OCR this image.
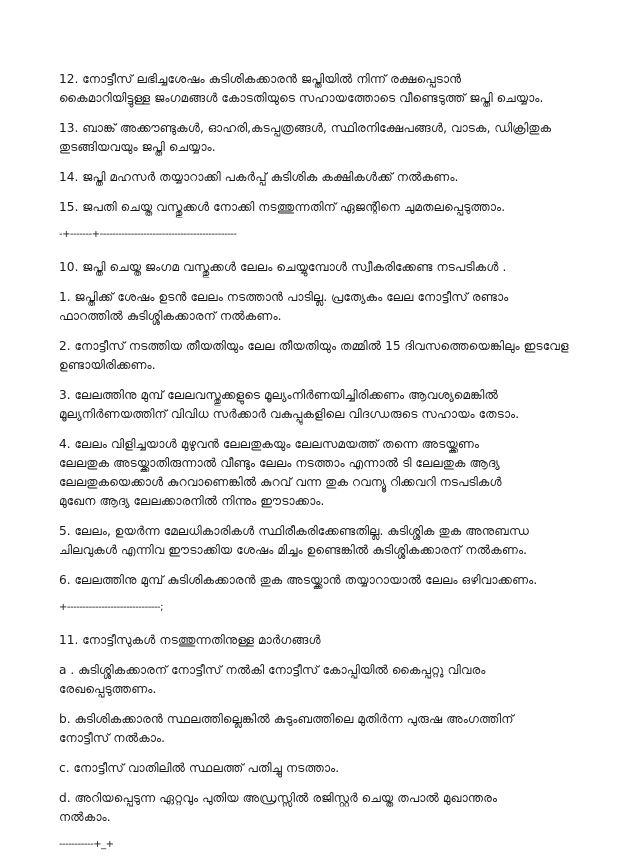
12. നോട്ടീസ് ലഭിച്ചശേഷം കുടിശികക്കാരൻ ജപ്തിയിൽ നിന്ന് രക്ഷപ്പെടാൻ
കൈമാറിയിട്ടുള്ള ജംഗമങ്ങൾ കോടതിയുടെ സഹായത്തോടെ വീണ്ടെടുത്ത് ജപ്തി ചെയ്യാം.

13. ബാങ്ക് അക്കൗണ്ടുകൾ, ഓഹരി,കടപ്പത്രങ്ങൾ, സ്ഥിരനിക്ഷേപങ്ങൾ, വാടക, ഡിക്രിതുക
തുടങ്ങിയവയും ജപ്തി ചെയ്യാം.

14. ജപ്തി മഹസർ തയ്യാറാക്കി പകർപ്പ് കുടിശിക കക്ഷികൾക്ക് നൽകണം.

15. ജപതി ചെയ്ത വസ്തുക്കൾ നോക്കി നടത്തുന്നതിന് ഏജന്റിനെ ചുമതലപ്പെടുത്താം.

-+-------+--------------------------------------------

10. ജപ്തി ചെയ്ത ജംഗമ വസ്തുക്കൾ ലേലം ചെയ്യുമ്പോൾ സ്വീകരിക്കേണ്ട നടപടികൾ .

1. ജപ്തിക്ക് ശേഷം ഉടൻ ലേലം നടത്താൻ പാടില്ല. പ്രത്യേകം ലേല നോട്ടീസ് രണ്ടാം
ഫാറത്തിൽ കുടിശ്ശികക്കാരന് നൽകണം.

2. നോട്ടീസ് നടത്തിയ തീയതിയും ലേല തീയതിയും തമ്മിൽ 15 ദിവസത്തെയെങ്കിലും ഇടവേള
ഉണ്ടായിരിക്കണം.

3. ലേലത്തിനു മുമ്പ് ലേലവസ്തുക്കളുടെ മൂല്യംനിർണയിച്ചിരിക്കണം ആവശ്യമെങ്കിൽ
മൂല്യനിർണയത്തിന് വിവിധ സർക്കാർ വകുപ്പുകളിലെ വിദഗ്ധരുടെ സഹായം തേടാം.

4. ലേലം വിളിച്ചയാൾ മുഴുവൻ ലേലതുകയും ലേലസമയത്ത് തന്നെ അടയ്ക്കണം
ലേലതുക അടയ്ക്കാതിരുന്നാൽ വീണ്ടും ലേലം നടത്താം എന്നാൽ ടി ലേലതുക ആദ്യ
ലേലതുകയെക്കാൾ കുറവാണെങ്കിൽ കുറവ് വന്ന തുക റവന്യൂ റിക്കവറി നടപടികൾ
മുഖേന ആദ്യ ലേലക്കാരനിൽ നിന്നും ഈടാക്കാം.

5. ലേലം, ഉയർന്ന മേലധികാരികൾ സ്ഥിരീകരിക്കേണ്ടതില്ല. കുടിശ്ശിക തുക അനുബന്ധ
ചിലവുകൾ എന്നിവ ഈടാക്കിയ ശേഷം മിച്ചം ഉണ്ടെങ്കിൽ കുടിശ്ശികക്കാരന് നൽകണം.

6. ലേലത്തിനു മുമ്പ് കുടിശികക്കാരൻ തുക അടയ്ക്കാൻ തയ്യാറായാൽ ലേലം ഒഴിവാക്കണം.

+------------------------------;

11. നോട്ടീസുകൾ നടത്തുന്നതിനുള്ള മാർഗങ്ങൾ

a . കുടിശ്ശികക്കാരന് നോട്ടീസ് നൽകി നോട്ടീസ് കോപ്പിയിൽ കൈപ്പറ്റു വിവരം
രേഖപ്പെടുത്തണം.

b. കുടിശികക്കാരൻ സ്ഥലത്തില്ലെങ്കിൽ കുടുംബത്തിലെ മുതിർന്ന പുരുഷ അംഗത്തിന്
നോട്ടീസ് നൽകാം.

c. നോട്ടീസ് വാതിലിൽ സ്ഥലത്ത് പതിച്ചു നടത്താം.

d. അറിയപ്പെടുന്ന ഏറ്റവും പുതിയ അഡ്രസ്സിൽ രജിസ്റ്റർ ചെയ്ത തപാൽ മുഖാന്തരം
നൽകാം.

-----------+_+
